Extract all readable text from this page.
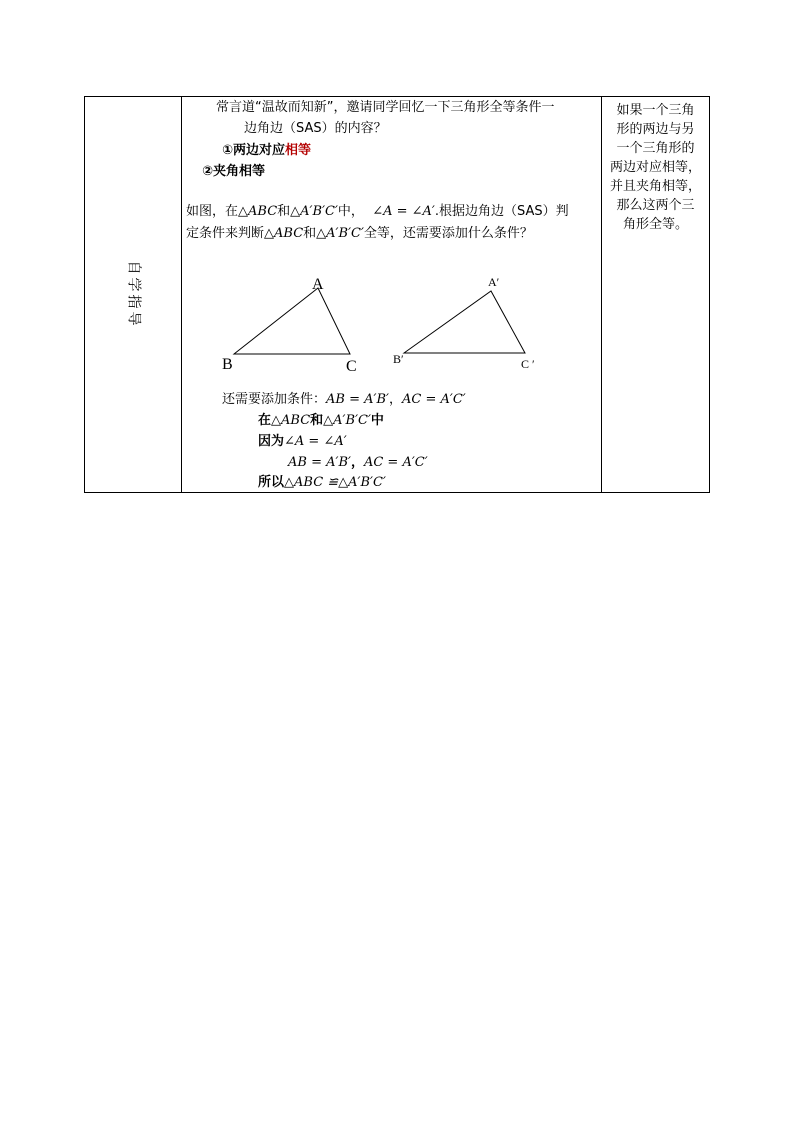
自
学
指
导

常言道“温故而知新”，邀请同学回忆一下三角形全等条件一
边角边（SAS）的内容？
①两边对应相等
②夹角相等
如图，在△ABC和△A′B′C′中， ∠A = ∠A′.根据边角边（SAS）判
定条件来判断△ABC和△A′B′C′全等，还需要添加什么条件？
A
B	C
A′
B′	C ′
还需要添加条件：AB = A′B′，AC = A′C′
在△ABC和△A′B′C′中
因为∠A = ∠A′
AB = A′B′，AC = A′C′
所以△ABC ≌△A′B′C′

如果一个三角
形的两边与另
一个三角形的
两边对应相等，
并且夹角相等，
那么这两个三
角形全等。
